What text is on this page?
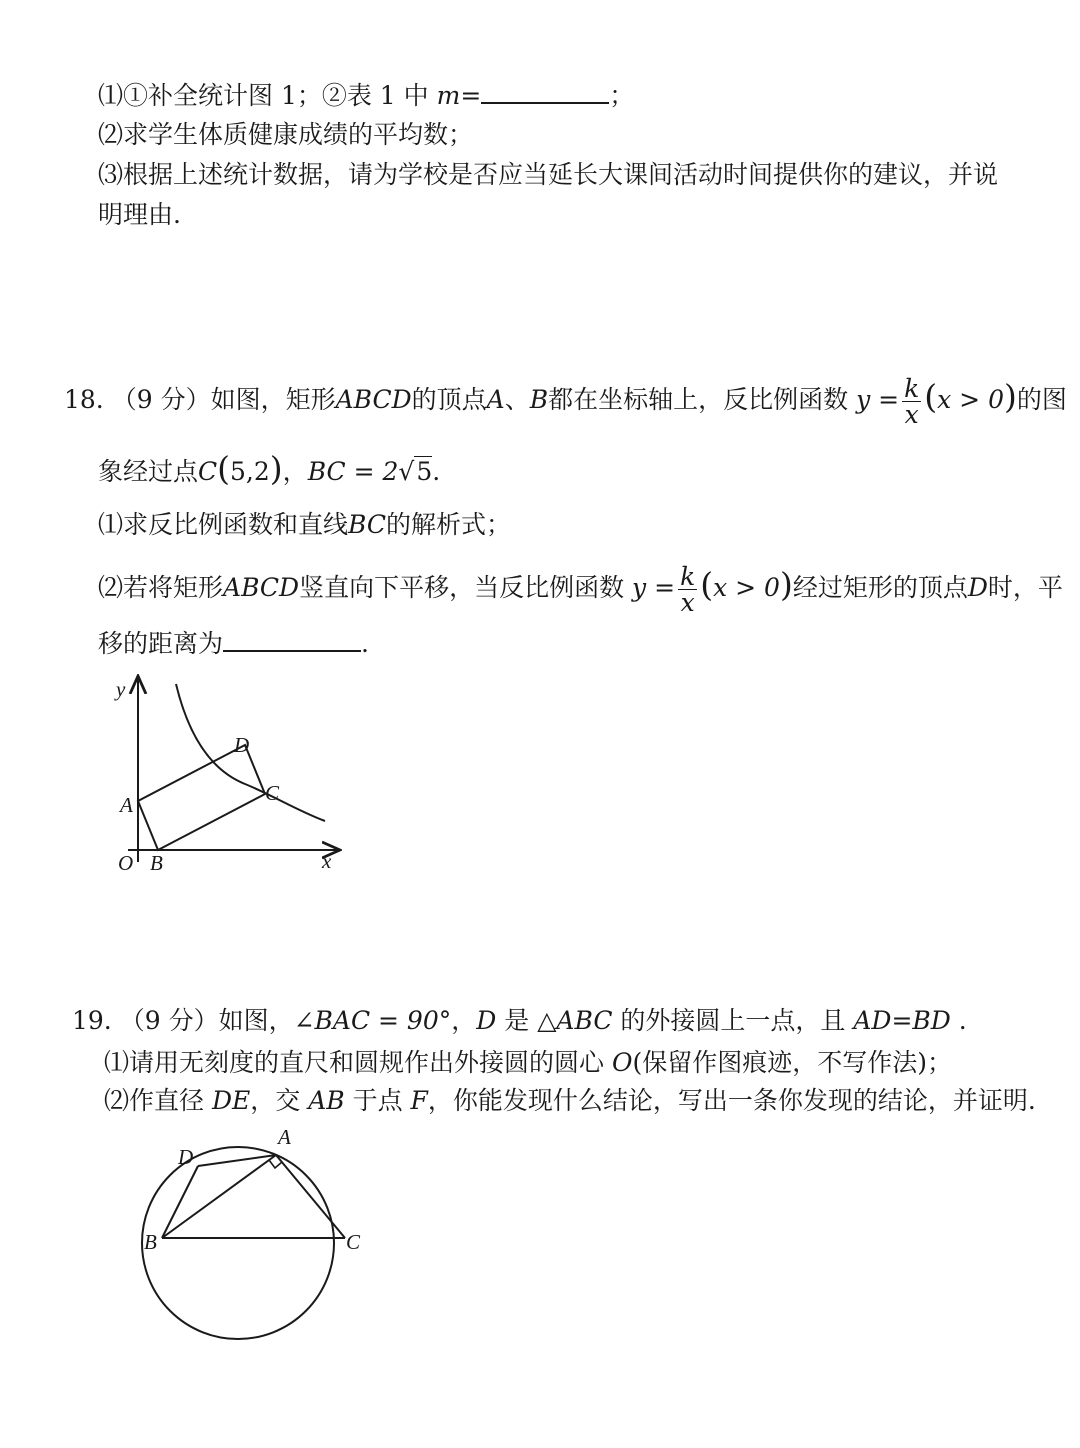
⑴①补全统计图 1；②表 1 中 m=	；
⑵求学生体质健康成绩的平均数；
⑶根据上述统计数据，请为学校是否应当延长大课间活动时间提供你的建议，并说
明理由.
18. （9 分）如图，矩形ABCD的顶点A、B都在坐标轴上，反比例函数 $y = \frac{k}{x} (x > 0)$的图
象经过点C(5,2)，BC = 2√5.
⑴求反比例函数和直线BC的解析式；
⑵若将矩形ABCD竖直向下平移，当反比例函数 $y = \frac{k}{x} (x > 0)$经过矩形的顶点D时，平
移的距离为	.
y
x
O
A
B
C
D
19. （9 分）如图，∠BAC = 90°，D 是 △ABC 的外接圆上一点，且 AD=BD .
⑴请用无刻度的直尺和圆规作出外接圆的圆心 O(保留作图痕迹，不写作法)；
⑵作直径 DE，交 AB 于点 F，你能发现什么结论，写出一条你发现的结论，并证明.
A
D
B	C
